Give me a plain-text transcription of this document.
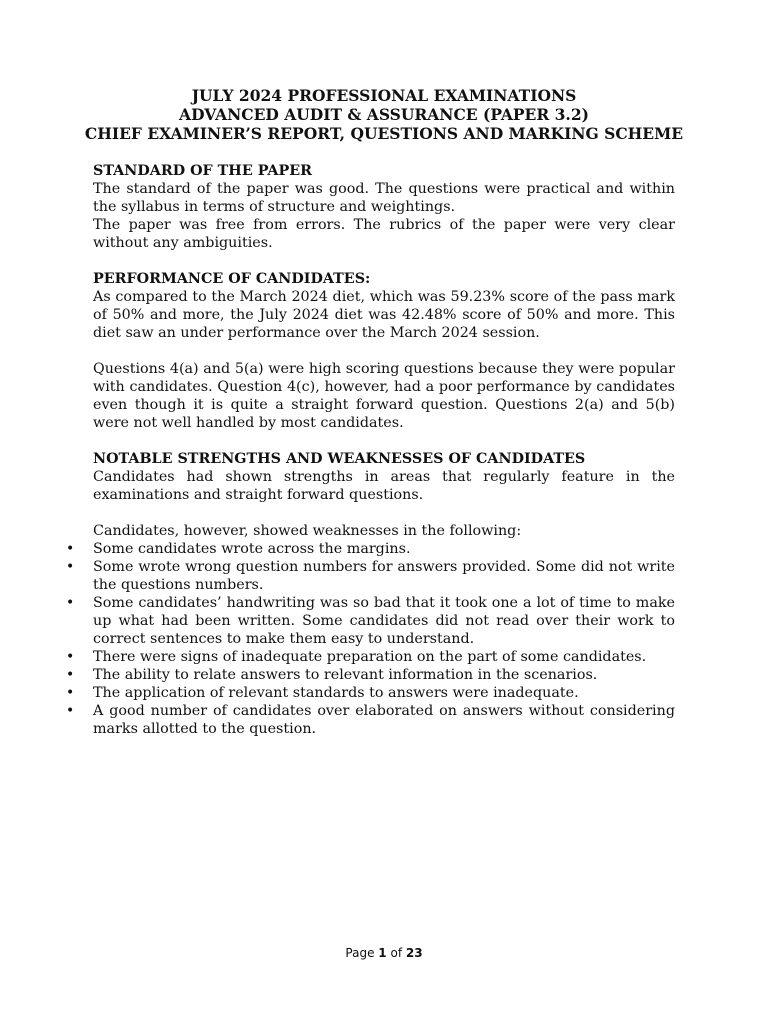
JULY 2024 PROFESSIONAL EXAMINATIONS
ADVANCED AUDIT & ASSURANCE (PAPER 3.2)
CHIEF EXAMINER’S REPORT, QUESTIONS AND MARKING SCHEME

STANDARD OF THE PAPER

The standard of the paper was good. The questions were practical and within the syllabus in terms of structure and weightings.

The paper was free from errors. The rubrics of the paper were very clear without any ambiguities.

PERFORMANCE OF CANDIDATES:

As compared to the March 2024 diet, which was 59.23% score of the pass mark of 50% and more, the July 2024 diet was 42.48% score of 50% and more. This diet saw an under performance over the March 2024 session.

Questions 4(a) and 5(a) were high scoring questions because they were popular with candidates. Question 4(c), however, had a poor performance by candidates even though it is quite a straight forward question. Questions 2(a) and 5(b) were not well handled by most candidates.

NOTABLE STRENGTHS AND WEAKNESSES OF CANDIDATES

Candidates had shown strengths in areas that regularly feature in the examinations and straight forward questions.

Candidates, however, showed weaknesses in the following:

• Some candidates wrote across the margins.
• Some wrote wrong question numbers for answers provided. Some did not write the questions numbers.
• Some candidates’ handwriting was so bad that it took one a lot of time to make up what had been written. Some candidates did not read over their work to correct sentences to make them easy to understand.
• There were signs of inadequate preparation on the part of some candidates.
• The ability to relate answers to relevant information in the scenarios.
• The application of relevant standards to answers were inadequate.
• A good number of candidates over elaborated on answers without considering marks allotted to the question.
Page 1 of 23
